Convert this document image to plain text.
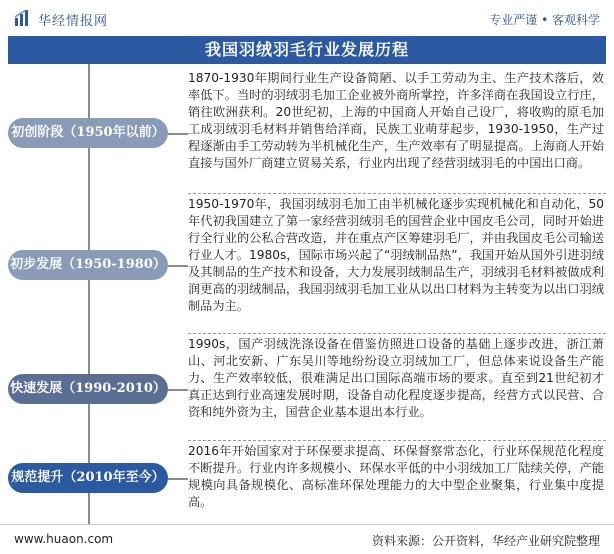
华经情报网	专业严谨 • 客观科学
我国羽绒羽毛行业发展历程
1870-1930年期间行业生产设备简陋、以手工劳动为主、生产技术落后，效率低下。当时的羽绒羽毛加工企业被外商所掌控，许多洋商在我国设立行庄，销往欧洲获利。20世纪初，上海的中国商人开始自己设厂，将收购的原毛加工成羽绒羽毛材料并销售给洋商，民族工业萌芽起步，1930-1950，生产过程逐渐由手工劳动转为半机械化生产，生产效率有了明显提高。上海商人开始直接与国外厂商建立贸易关系，行业内出现了经营羽绒羽毛的中国出口商。
初创阶段（1950年以前）
1950-1970年，我国羽绒羽毛加工由半机械化逐步实现机械化和自动化，50年代初我国建立了第一家经营羽绒羽毛的国营企业中国皮毛公司，同时开始进行全行业的公私合营改造，并在重点产区筹建羽毛厂，并由我国皮毛公司输送行业人才。1980s，国际市场兴起了“羽绒制品热”，我国开始从国外引进羽绒及其制品的生产技术和设备，大力发展羽绒制品生产，羽绒羽毛材料被做成利润更高的羽绒制品，我国羽绒羽毛加工业从以出口材料为主转变为以出口羽绒制品为主。
初步发展（1950-1980）
1990s，国产羽绒洗涤设备在借鉴仿照进口设备的基础上逐步改进，浙江萧山、河北安新、广东吴川等地纷纷设立羽绒加工厂，但总体来说设备生产能力、生产效率较低，很难满足出口国际高端市场的要求。直至到21世纪初才真正达到行业高速发展时期，设备自动化程度逐步提高，经营方式以民营、合资和纯外资为主，国营企业基本退出本行业。
快速发展（1990-2010）
2016年开始国家对于环保要求提高、环保督察常态化，行业环保规范化程度不断提升。行业内许多规模小、环保水平低的中小羽绒加工厂陆续关停，产能规模向具备规模化、高标准环保处理能力的大中型企业聚集，行业集中度提高。
规范提升（2010年至今）
www.huaon.com	资料来源：公开资料，华经产业研究院整理
